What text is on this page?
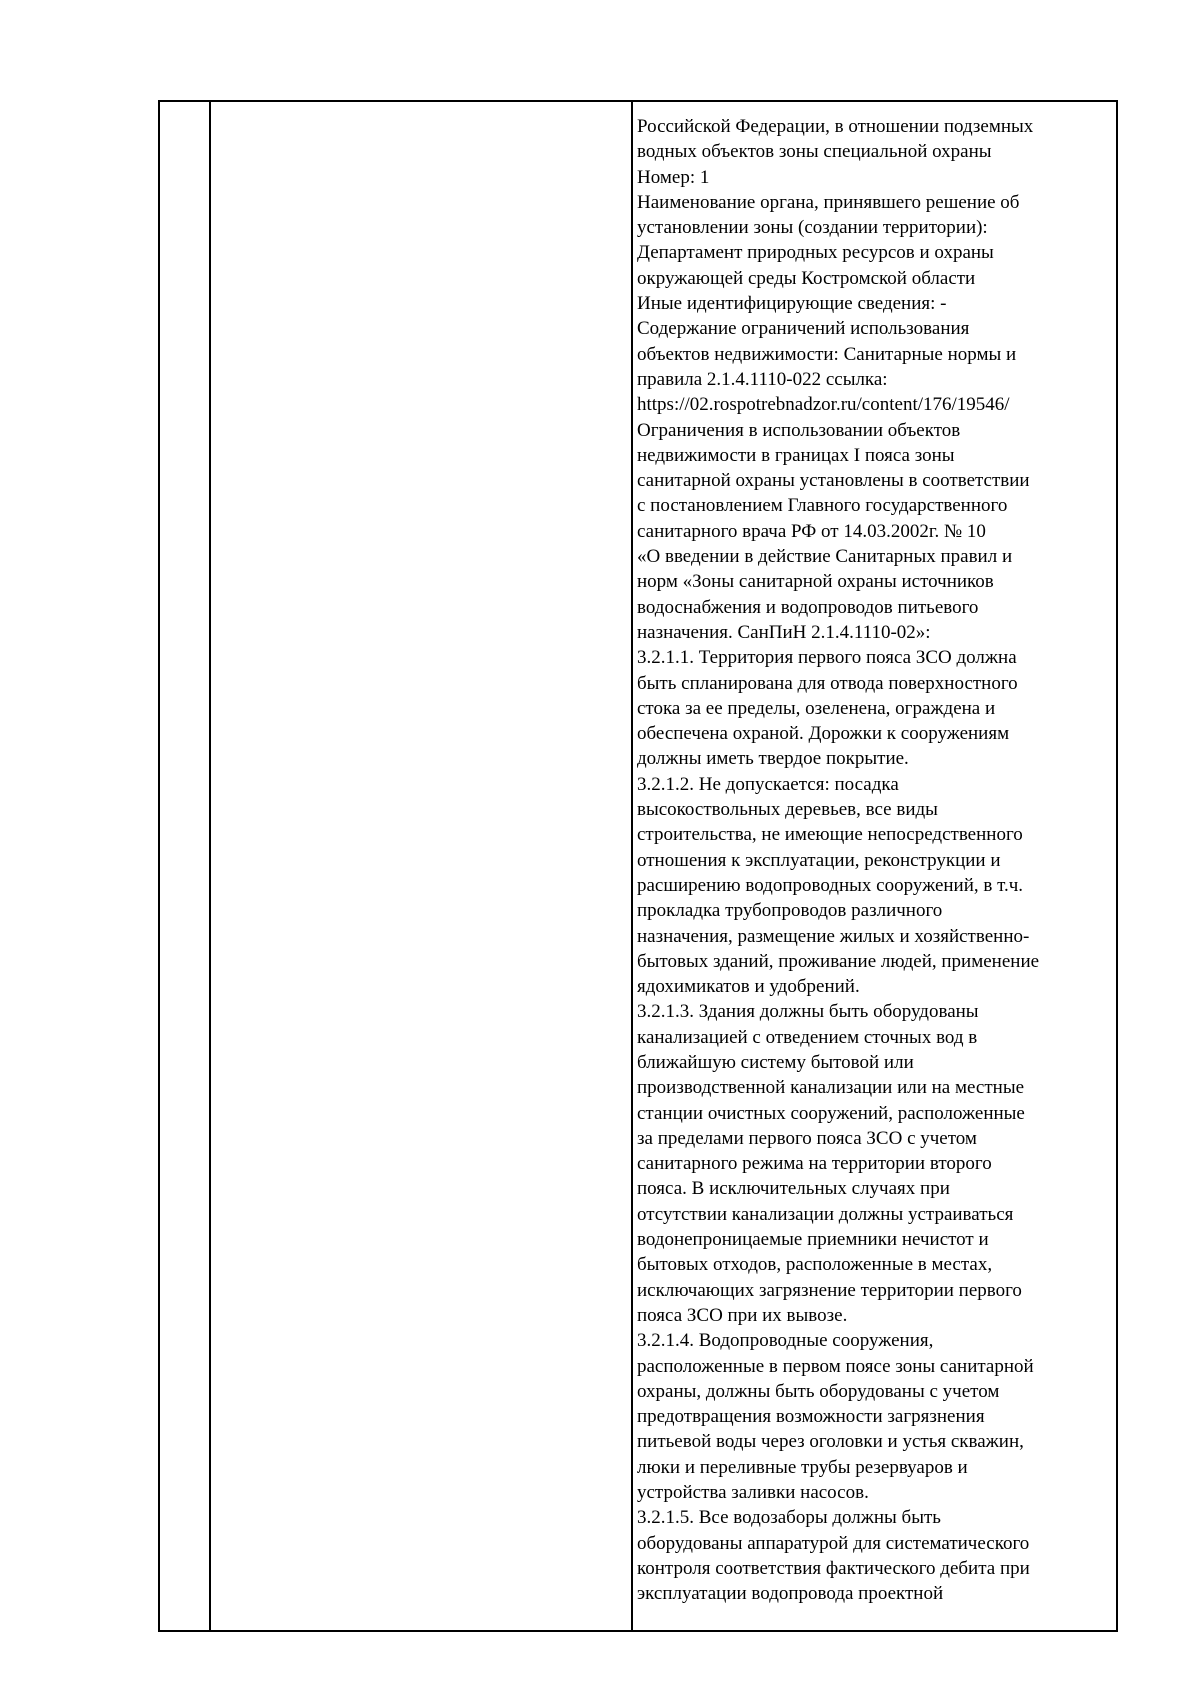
Российской Федерации, в отношении подземных
водных объектов зоны специальной охраны
Номер: 1
Наименование органа, принявшего решение об
установлении зоны (создании территории):
Департамент природных ресурсов и охраны
окружающей среды Костромской области
Иные идентифицирующие сведения: -
Содержание ограничений использования
объектов недвижимости: Санитарные нормы и
правила 2.1.4.1110-022 ссылка:
https://02.rospotrebnadzor.ru/content/176/19546/
Ограничения в использовании объектов
недвижимости в границах I пояса зоны
санитарной охраны установлены в соответствии
с постановлением Главного государственного
санитарного врача РФ от 14.03.2002г. № 10
«О введении в действие Санитарных правил и
норм «Зоны санитарной охраны источников
водоснабжения и водопроводов питьевого
назначения. СанПиН 2.1.4.1110-02»:
3.2.1.1. Территория первого пояса ЗСО должна
быть спланирована для отвода поверхностного
стока за ее пределы, озеленена, ограждена и
обеспечена охраной. Дорожки к сооружениям
должны иметь твердое покрытие.
3.2.1.2. Не допускается: посадка
высокоствольных деревьев, все виды
строительства, не имеющие непосредственного
отношения к эксплуатации, реконструкции и
расширению водопроводных сооружений, в т.ч.
прокладка трубопроводов различного
назначения, размещение жилых и хозяйственно-
бытовых зданий, проживание людей, применение
ядохимикатов и удобрений.
3.2.1.3. Здания должны быть оборудованы
канализацией с отведением сточных вод в
ближайшую систему бытовой или
производственной канализации или на местные
станции очистных сооружений, расположенные
за пределами первого пояса ЗСО с учетом
санитарного режима на территории второго
пояса. В исключительных случаях при
отсутствии канализации должны устраиваться
водонепроницаемые приемники нечистот и
бытовых отходов, расположенные в местах,
исключающих загрязнение территории первого
пояса ЗСО при их вывозе.
3.2.1.4. Водопроводные сооружения,
расположенные в первом поясе зоны санитарной
охраны, должны быть оборудованы с учетом
предотвращения возможности загрязнения
питьевой воды через оголовки и устья скважин,
люки и переливные трубы резервуаров и
устройства заливки насосов.
3.2.1.5. Все водозаборы должны быть
оборудованы аппаратурой для систематического
контроля соответствия фактического дебита при
эксплуатации водопровода проектной
